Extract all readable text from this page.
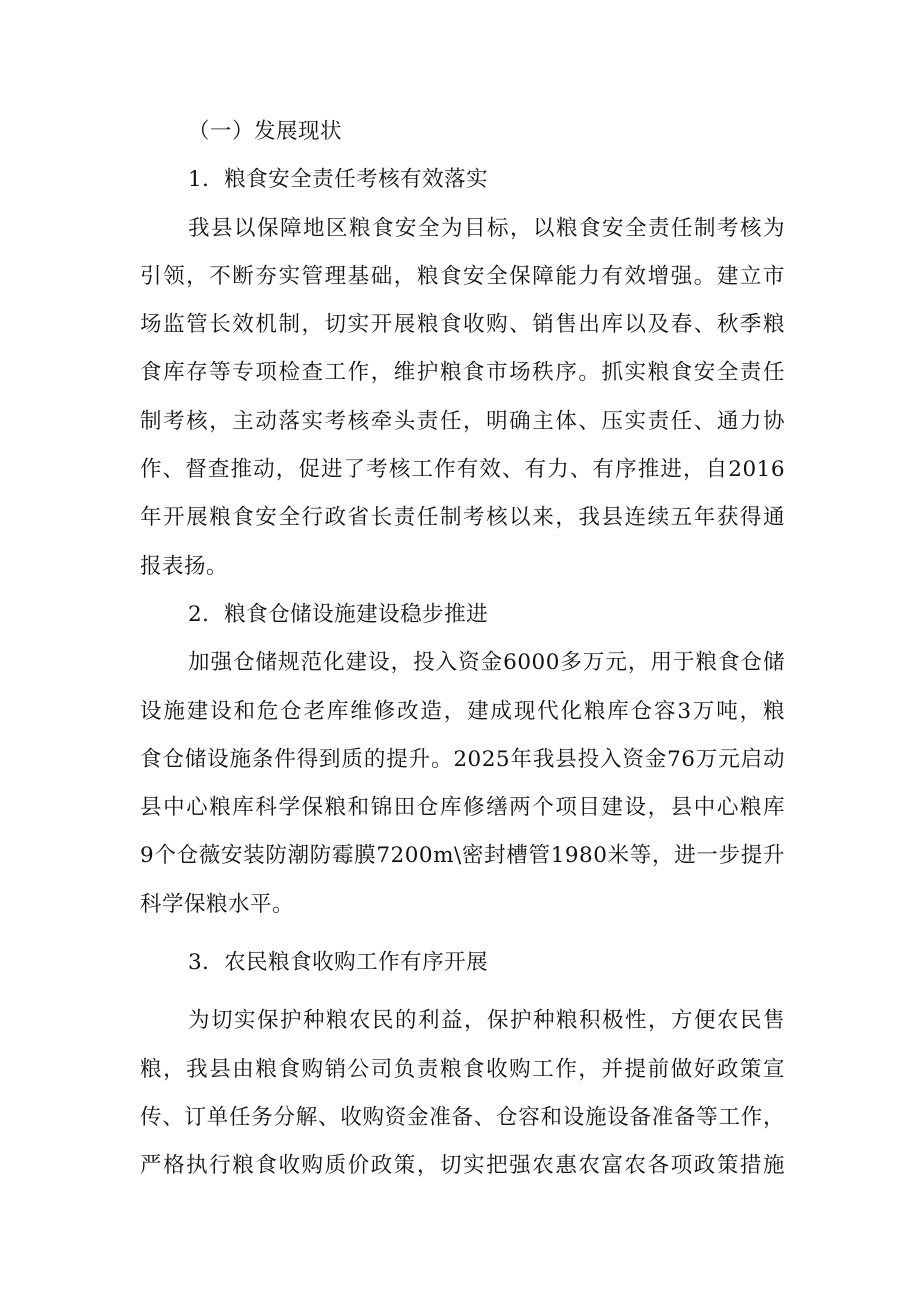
（一）发展现状
1．粮食安全责任考核有效落实
我县以保障地区粮食安全为目标，以粮食安全责任制考核为
引领，不断夯实管理基础，粮食安全保障能力有效增强。建立市
场监管长效机制，切实开展粮食收购、销售出库以及春、秋季粮
食库存等专项检查工作，维护粮食市场秩序。抓实粮食安全责任
制考核，主动落实考核牵头责任，明确主体、压实责任、通力协
作、督查推动，促进了考核工作有效、有力、有序推进，自2016
年开展粮食安全行政省长责任制考核以来，我县连续五年获得通
报表扬。
2．粮食仓储设施建设稳步推进
加强仓储规范化建设，投入资金6000多万元，用于粮食仓储
设施建设和危仓老库维修改造，建成现代化粮库仓容3万吨，粮
食仓储设施条件得到质的提升。2025年我县投入资金76万元启动
县中心粮库科学保粮和锦田仓库修缮两个项目建设，县中心粮库
9个仓薇安装防潮防霉膜7200m\密封槽管1980米等，进一步提升
科学保粮水平。
3．农民粮食收购工作有序开展
为切实保护种粮农民的利益，保护种粮积极性，方便农民售
粮，我县由粮食购销公司负责粮食收购工作，并提前做好政策宣
传、订单任务分解、收购资金准备、仓容和设施设备准备等工作，
严格执行粮食收购质价政策，切实把强农惠农富农各项政策措施
